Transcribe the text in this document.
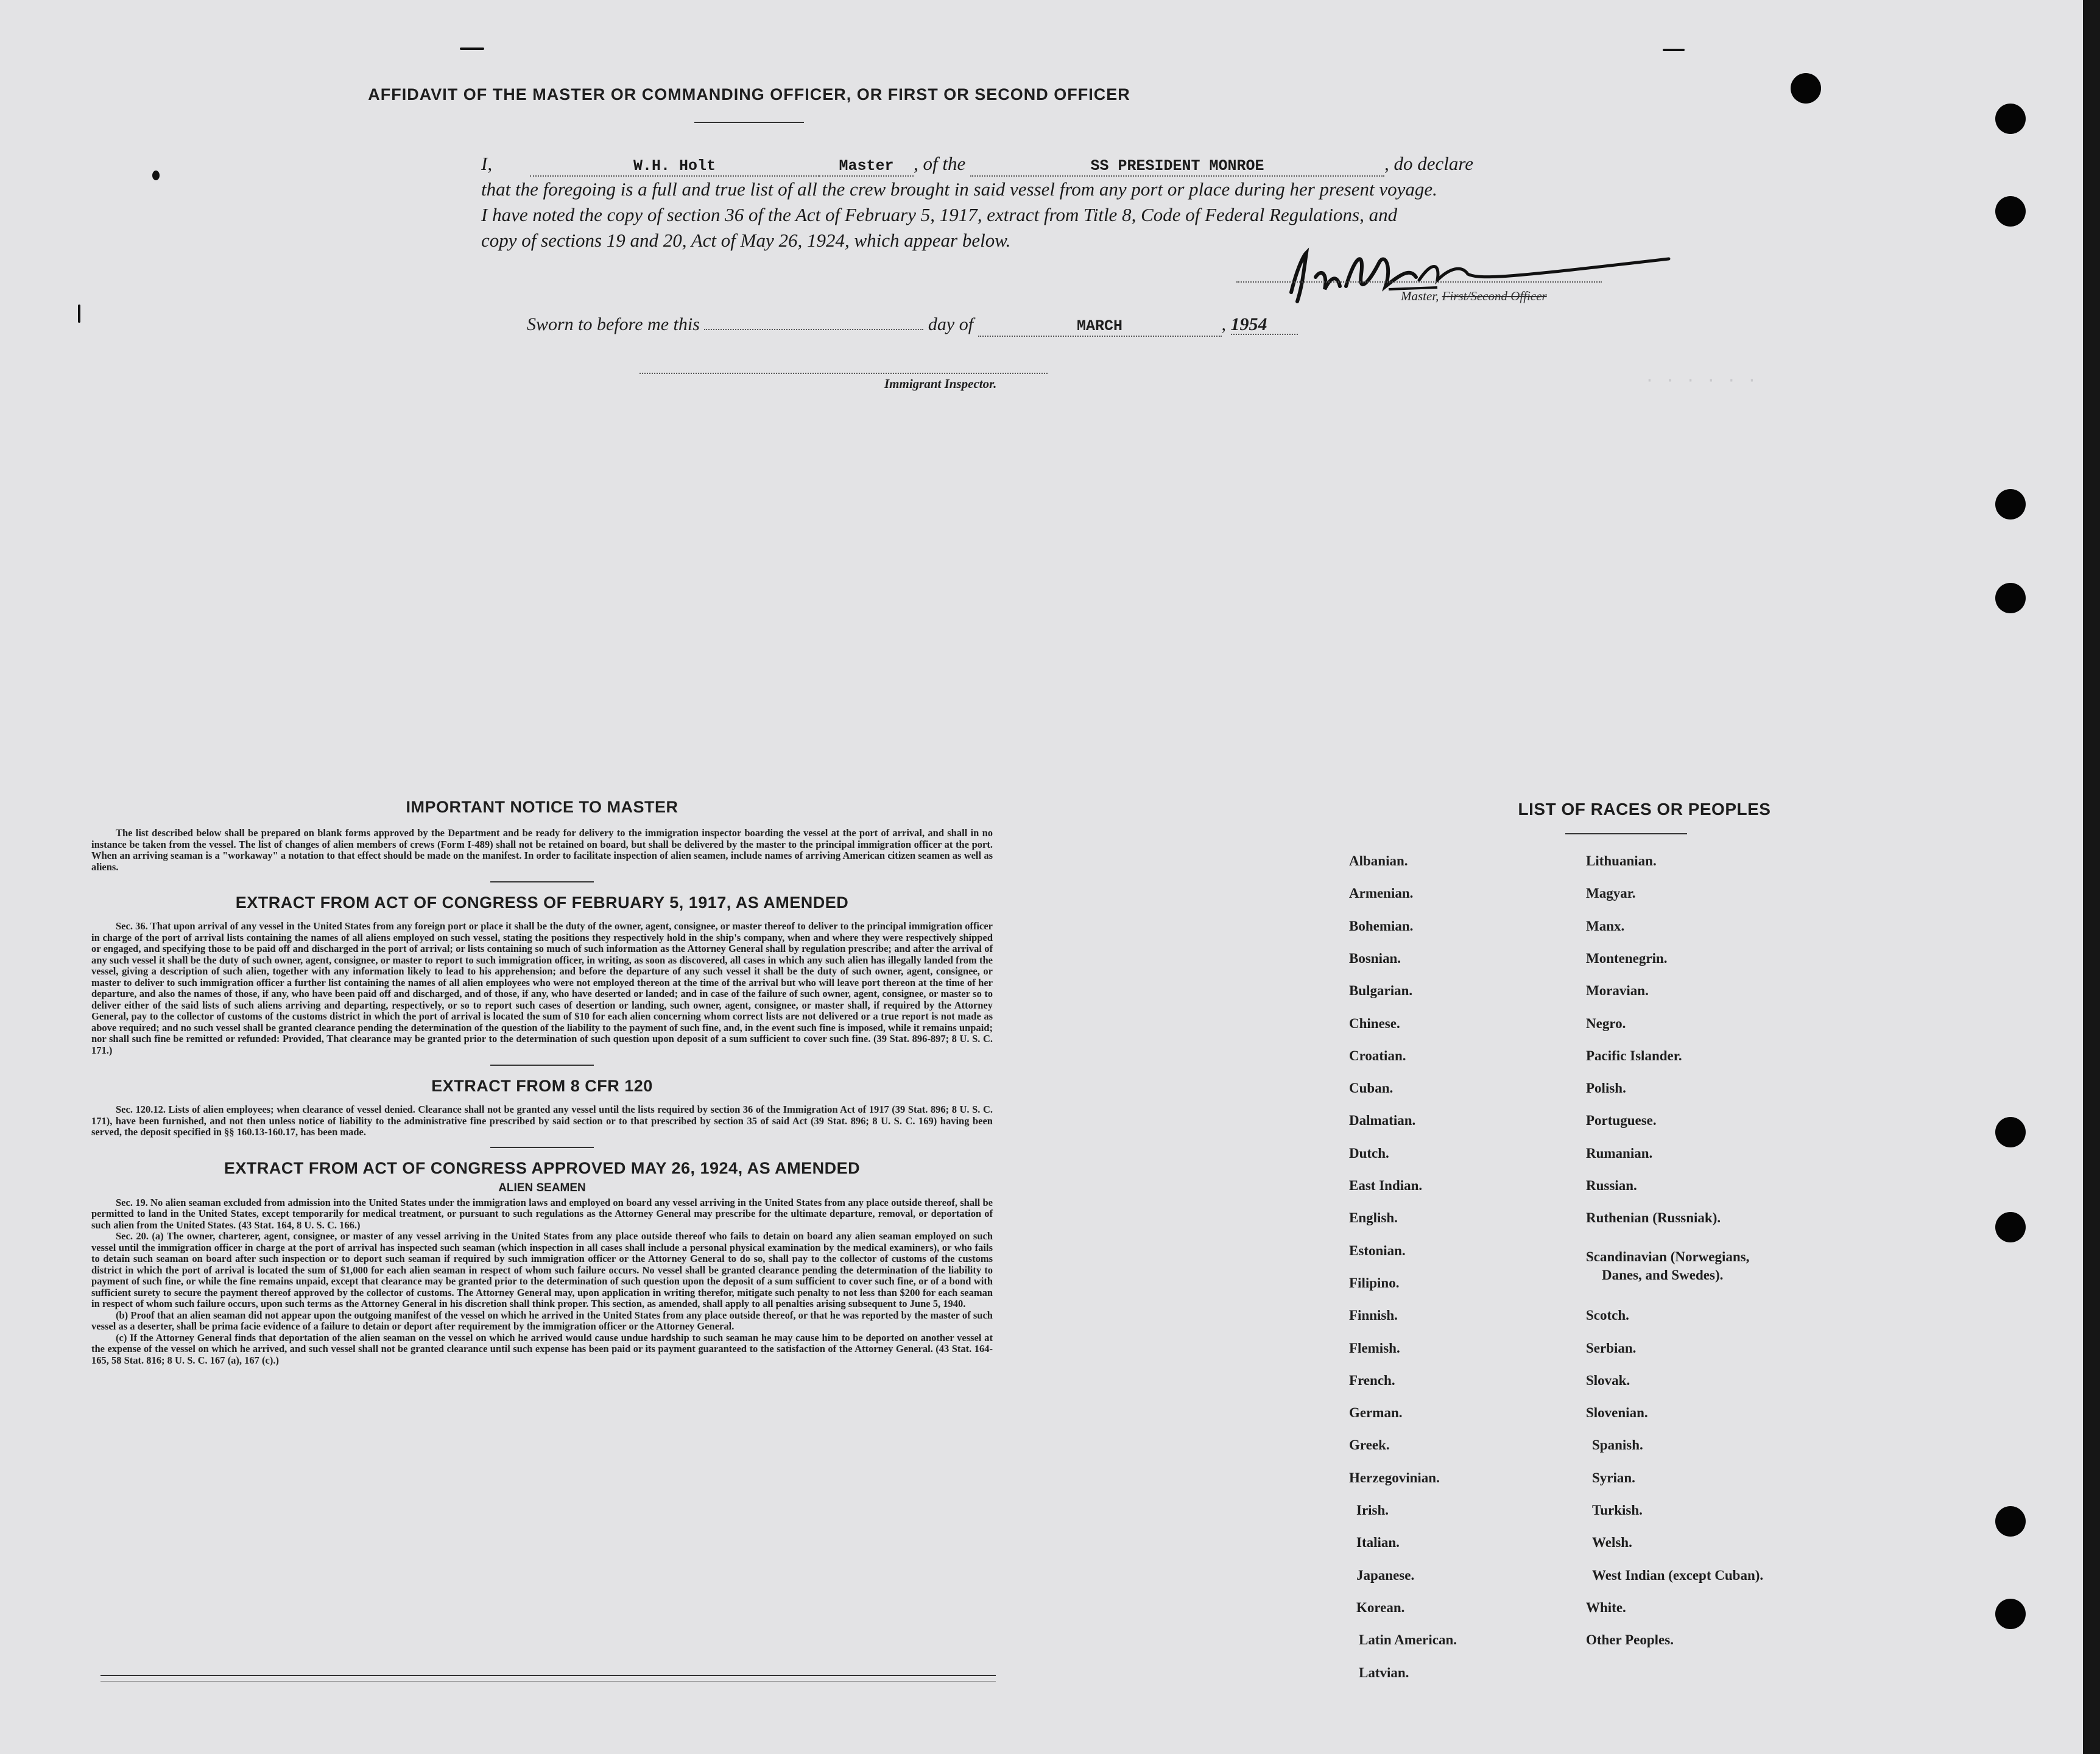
· · · · · ·
AFFIDAVIT OF THE MASTER OR COMMANDING OFFICER, OR FIRST OR SECOND OFFICER
I,	W.H. Holt	Master , of the	SS PRESIDENT MONROE	, do declare
that the foregoing is a full and true list of all the crew brought in said vessel from any port or place during her present voyage.
I have noted the copy of section 36 of the Act of February 5, 1917, extract from Title 8, Code of Federal Regulations, and
copy of sections 19 and 20, Act of May 26, 1924, which appear below.
Master, First/Second Officer
Sworn to before me this	day of	MARCH	, 1954
Immigrant Inspector.
IMPORTANT NOTICE TO MASTER

The list described below shall be prepared on blank forms approved by the Department and be ready for delivery to the immigration inspector boarding the vessel at the port of arrival, and shall in no instance be taken from the vessel. The list of changes of alien members of crews (Form I-489) shall not be retained on board, but shall be delivered by the master to the principal immigration officer at the port. When an arriving seaman is a "workaway" a notation to that effect should be made on the manifest. In order to facilitate inspection of alien seamen, include names of arriving American citizen seamen as well as aliens.

EXTRACT FROM ACT OF CONGRESS OF FEBRUARY 5, 1917, AS AMENDED

Sec. 36. That upon arrival of any vessel in the United States from any foreign port or place it shall be the duty of the owner, agent, consignee, or master thereof to deliver to the principal immigration officer in charge of the port of arrival lists containing the names of all aliens employed on such vessel, stating the positions they respectively hold in the ship's company, when and where they were respectively shipped or engaged, and specifying those to be paid off and discharged in the port of arrival; or lists containing so much of such information as the Attorney General shall by regulation prescribe; and after the arrival of any such vessel it shall be the duty of such owner, agent, consignee, or master to report to such immigration officer, in writing, as soon as discovered, all cases in which any such alien has illegally landed from the vessel, giving a description of such alien, together with any information likely to lead to his apprehension; and before the departure of any such vessel it shall be the duty of such owner, agent, consignee, or master to deliver to such immigration officer a further list containing the names of all alien employees who were not employed thereon at the time of the arrival but who will leave port thereon at the time of her departure, and also the names of those, if any, who have been paid off and discharged, and of those, if any, who have deserted or landed; and in case of the failure of such owner, agent, consignee, or master so to deliver either of the said lists of such aliens arriving and departing, respectively, or so to report such cases of desertion or landing, such owner, agent, consignee, or master shall, if required by the Attorney General, pay to the collector of customs of the customs district in which the port of arrival is located the sum of $10 for each alien concerning whom correct lists are not delivered or a true report is not made as above required; and no such vessel shall be granted clearance pending the determination of the question of the liability to the payment of such fine, and, in the event such fine is imposed, while it remains unpaid; nor shall such fine be remitted or refunded: Provided, That clearance may be granted prior to the determination of such question upon deposit of a sum sufficient to cover such fine. (39 Stat. 896-897; 8 U. S. C. 171.)

EXTRACT FROM 8 CFR 120

Sec. 120.12. Lists of alien employees; when clearance of vessel denied. Clearance shall not be granted any vessel until the lists required by section 36 of the Immigration Act of 1917 (39 Stat. 896; 8 U. S. C. 171), have been furnished, and not then unless notice of liability to the administrative fine prescribed by said section or to that prescribed by section 35 of said Act (39 Stat. 896; 8 U. S. C. 169) having been served, the deposit specified in §§ 160.13-160.17, has been made.

EXTRACT FROM ACT OF CONGRESS APPROVED MAY 26, 1924, AS AMENDED
ALIEN SEAMEN

Sec. 19. No alien seaman excluded from admission into the United States under the immigration laws and employed on board any vessel arriving in the United States from any place outside thereof, shall be permitted to land in the United States, except temporarily for medical treatment, or pursuant to such regulations as the Attorney General may prescribe for the ultimate departure, removal, or deportation of such alien from the United States. (43 Stat. 164, 8 U. S. C. 166.)

Sec. 20. (a) The owner, charterer, agent, consignee, or master of any vessel arriving in the United States from any place outside thereof who fails to detain on board any alien seaman employed on such vessel until the immigration officer in charge at the port of arrival has inspected such seaman (which inspection in all cases shall include a personal physical examination by the medical examiners), or who fails to detain such seaman on board after such inspection or to deport such seaman if required by such immigration officer or the Attorney General to do so, shall pay to the collector of customs of the customs district in which the port of arrival is located the sum of $1,000 for each alien seaman in respect of whom such failure occurs. No vessel shall be granted clearance pending the determination of the liability to payment of such fine, or while the fine remains unpaid, except that clearance may be granted prior to the determination of such question upon the deposit of a sum sufficient to cover such fine, or of a bond with sufficient surety to secure the payment thereof approved by the collector of customs. The Attorney General may, upon application in writing therefor, mitigate such penalty to not less than $200 for each seaman in respect of whom such failure occurs, upon such terms as the Attorney General in his discretion shall think proper. This section, as amended, shall apply to all penalties arising subsequent to June 5, 1940.

(b) Proof that an alien seaman did not appear upon the outgoing manifest of the vessel on which he arrived in the United States from any place outside thereof, or that he was reported by the master of such vessel as a deserter, shall be prima facie evidence of a failure to detain or deport after requirement by the immigration officer or the Attorney General.

(c) If the Attorney General finds that deportation of the alien seaman on the vessel on which he arrived would cause undue hardship to such seaman he may cause him to be deported on another vessel at the expense of the vessel on which he arrived, and such vessel shall not be granted clearance until such expense has been paid or its payment guaranteed to the satisfaction of the Attorney General. (43 Stat. 164-165, 58 Stat. 816; 8 U. S. C. 167 (a), 167 (c).)

LIST OF RACES OR PEOPLES
Albanian.
Armenian.
Bohemian.
Bosnian.
Bulgarian.
Chinese.
Croatian.
Cuban.
Dalmatian.
Dutch.
East Indian.
English.
Estonian.
Filipino.
Finnish.
Flemish.
French.
German.
Greek.
Herzegovinian.
Irish.
Italian.
Japanese.
Korean.
Latin American.
Latvian.
Lithuanian.
Magyar.
Manx.
Montenegrin.
Moravian.
Negro.
Pacific Islander.
Polish.
Portuguese.
Rumanian.
Russian.
Ruthenian (Russniak).
Scandinavian (Norwegians,
Danes, and Swedes).
Scotch.
Serbian.
Slovak.
Slovenian.
Spanish.
Syrian.
Turkish.
Welsh.
West Indian (except Cuban).
White.
Other Peoples.
